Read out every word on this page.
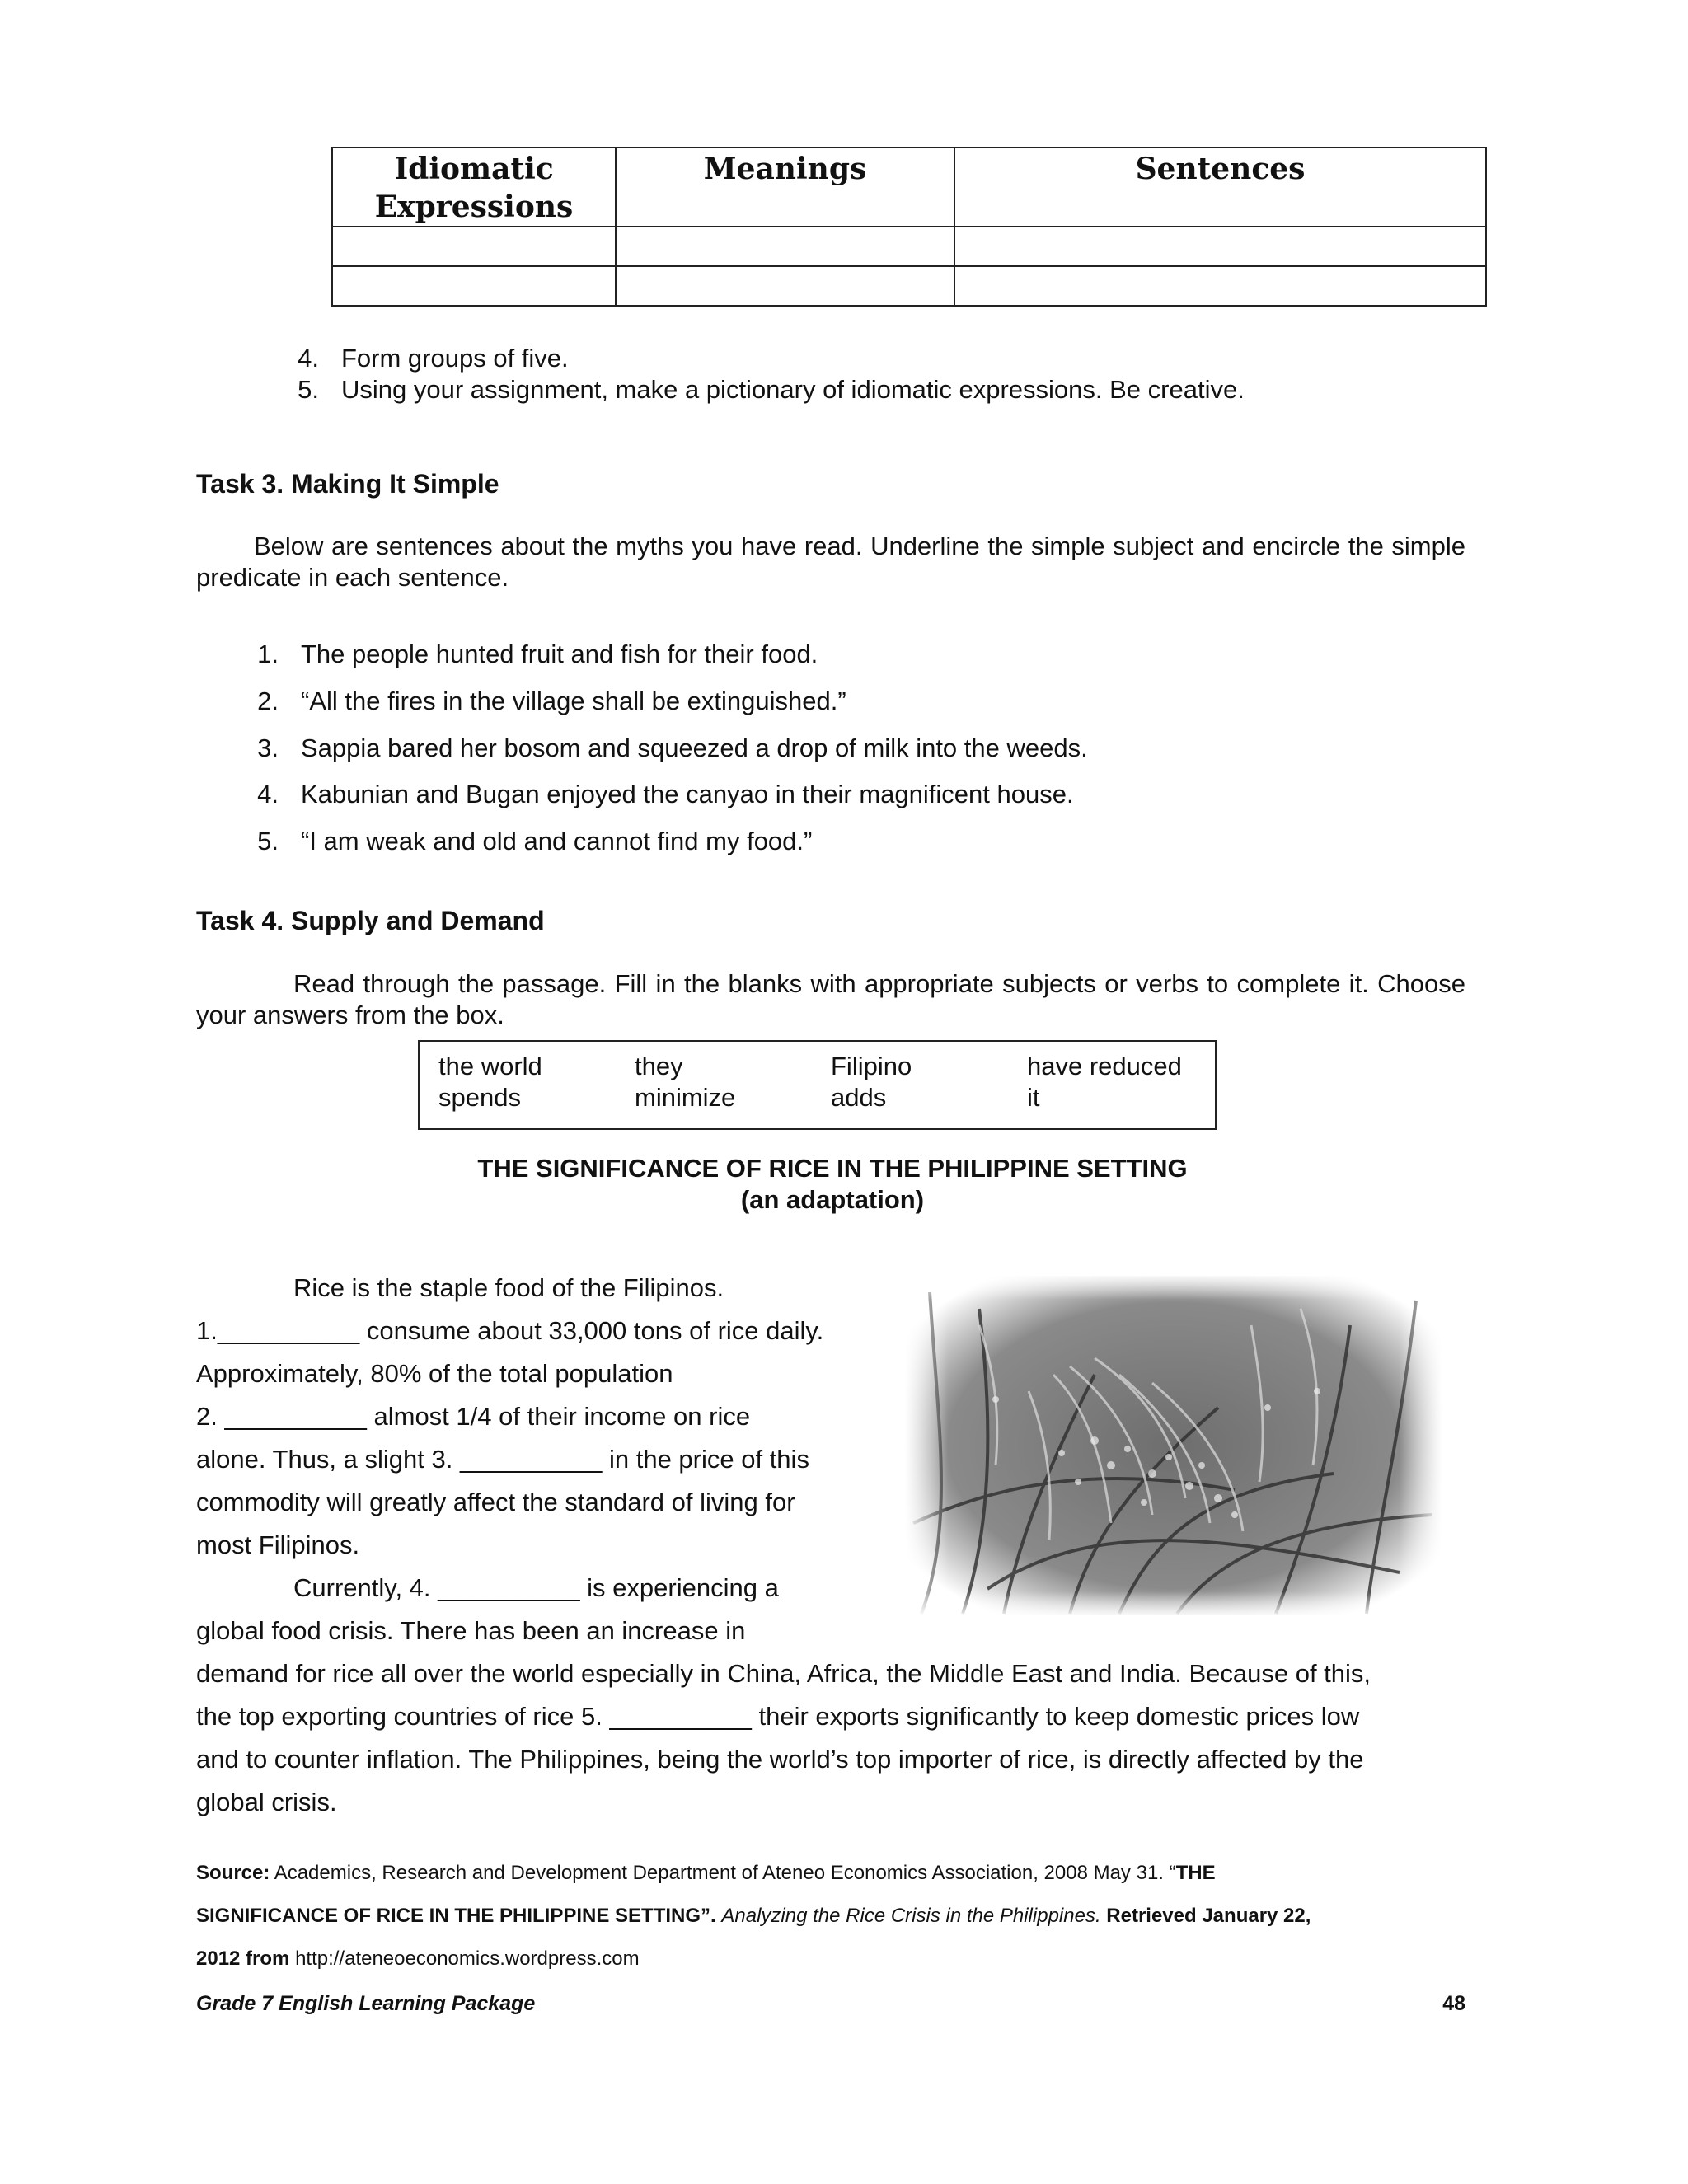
Idiomatic Expressions	Meanings	Sentences

4. Form groups of five.
5. Using your assignment, make a pictionary of idiomatic expressions. Be creative.
Task 3. Making It Simple
Below are sentences about the myths you have read. Underline the simple subject and encircle the simple predicate in each sentence.
1. The people hunted fruit and fish for their food.
2. “All the fires in the village shall be extinguished.”
3. Sappia bared her bosom and squeezed a drop of milk into the weeds.
4. Kabunian and Bugan enjoyed the canyao in their magnificent house.
5. “I am weak and old and cannot find my food.”
Task 4. Supply and Demand
Read through the passage. Fill in the blanks with appropriate subjects or verbs to complete it. Choose your answers from the box.
the world	they	Filipino	have reduced
spends	minimize	adds	it
THE SIGNIFICANCE OF RICE IN THE PHILIPPINE SETTING
(an adaptation)
Rice is the staple food of the Filipinos.
1.__________ consume about 33,000 tons of rice daily.
Approximately, 80% of the total population
2. __________ almost 1/4 of their income on rice
alone. Thus, a slight 3. __________ in the price of this
commodity will greatly affect the standard of living for
most Filipinos.
Currently, 4. __________ is experiencing a
global food crisis. There has been an increase in
demand for rice all over the world especially in China, Africa, the Middle East and India. Because of this,
the top exporting countries of rice 5. __________ their exports significantly to keep domestic prices low
and to counter inflation. The Philippines, being the world’s top importer of rice, is directly affected by the
global crisis.
Source: Academics, Research and Development Department of Ateneo Economics Association, 2008 May 31. “THE
SIGNIFICANCE OF RICE IN THE PHILIPPINE SETTING”. Analyzing the Rice Crisis in the Philippines. Retrieved January 22,
2012 from http://ateneoeconomics.wordpress.com
Grade 7 English Learning Package	48
